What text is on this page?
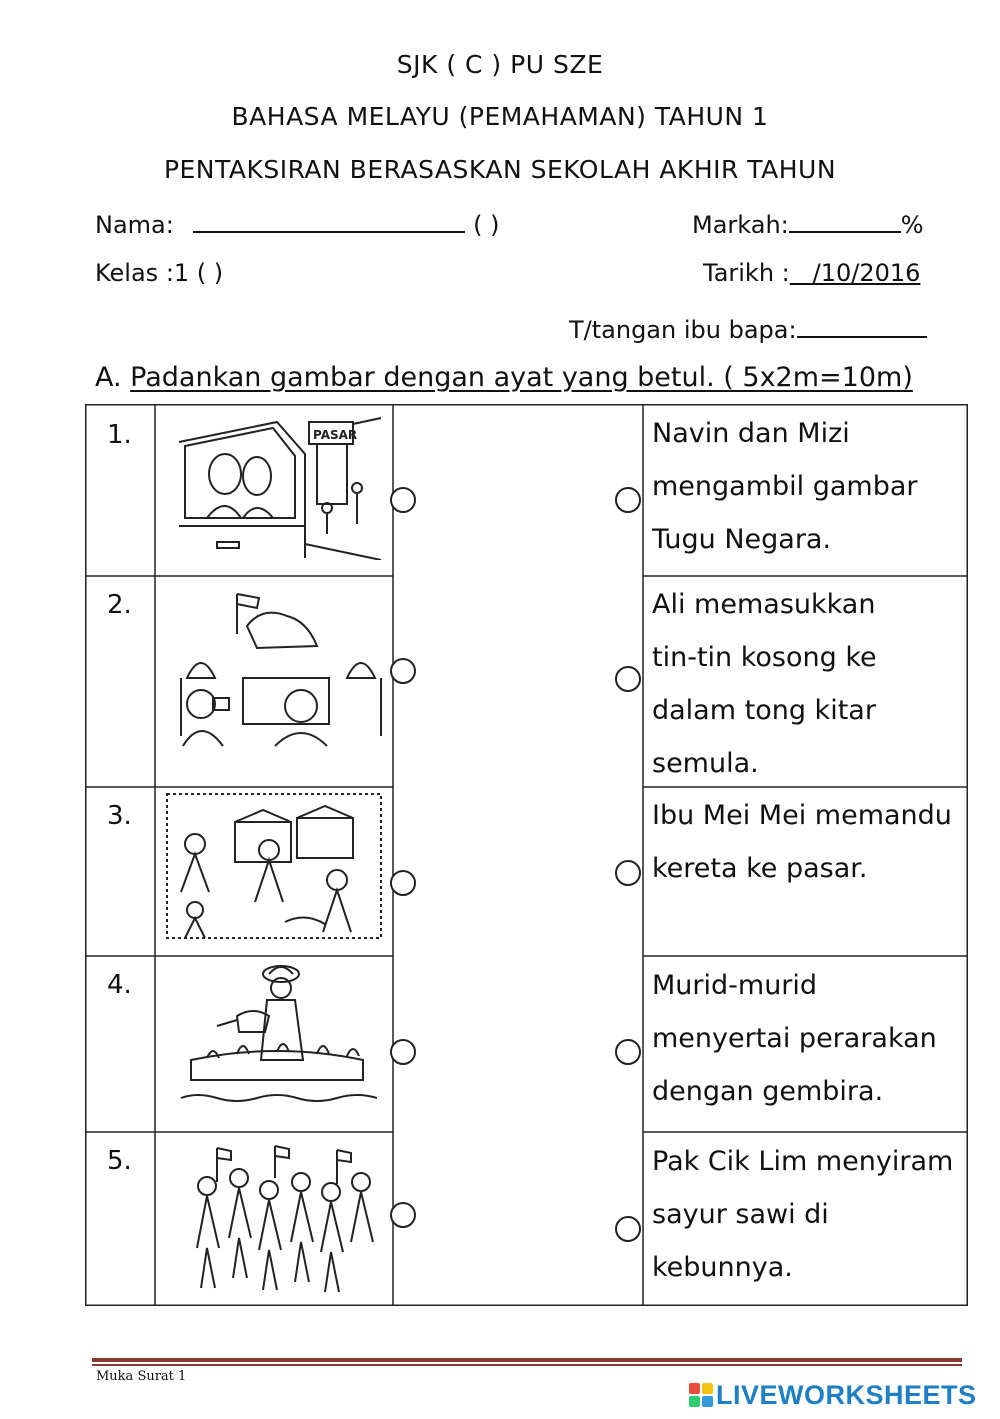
SJK ( C ) PU SZE
BAHASA MELAYU (PEMAHAMAN) TAHUN 1
PENTAKSIRAN BERASASKAN SEKOLAH AKHIR TAHUN
Nama:	( )	Markah:	%
Kelas :1 ( )	Tarikh :   /10/2016
T/tangan ibu bapa:
A. Padankan gambar dengan ayat yang betul. ( 5x2m=10m)
1.	PASAR	Navin dan Mizi
mengambil gambar
Tugu Negara.
2.	Ali memasukkan
tin-tin kosong ke
dalam tong kitar
semula.
3.	Ibu Mei Mei memandu
kereta ke pasar.
4.	Murid-murid
menyertai perarakan
dengan gembira.
5.	Pak Cik Lim menyiram
sayur sawi di
kebunnya.
Muka Surat 1
LIVEWORKSHEETS
